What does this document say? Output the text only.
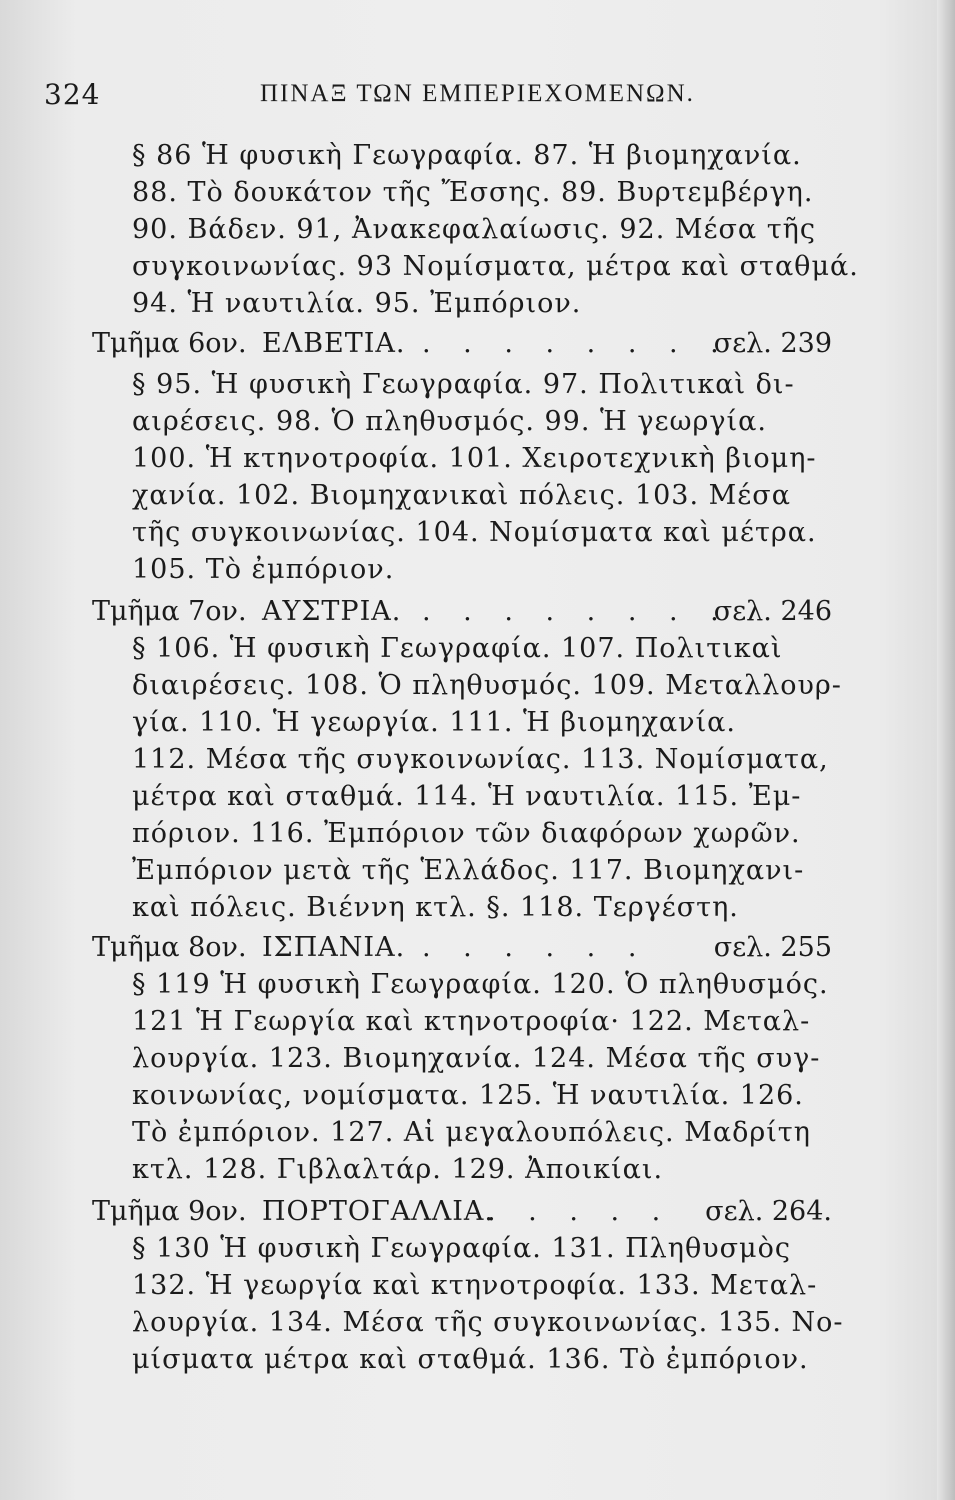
324	ΠΙΝΑΞ ΤΩΝ ΕΜΠΕΡΙΕΧΟΜΕΝΩΝ.
§ 86 Ἡ φυσικὴ Γεωγραφία. 87. Ἡ βιομηχανία.
88. Τὸ δουκάτον τῆς Ἔσσης. 89. Βυρτεμβέργη.
90. Βάδεν. 91, Ἀνακεφαλαίωσις. 92. Μέσα τῆς
συγκοινωνίας. 93 Νομίσματα, μέτρα καὶ σταθμά.
94. Ἡ ναυτιλία. 95. Ἐμπόριον.
Τμῆμα 6ον. ΕΛΒΕΤΙΑ. . . . . . . . .
σελ. 239
§ 95. Ἡ φυσικὴ Γεωγραφία. 97. Πολιτικαὶ δι-
αιρέσεις. 98. Ὁ πληθυσμός. 99. Ἡ γεωργία.
100. Ἡ κτηνοτροφία. 101. Χειροτεχνικὴ βιομη-
χανία. 102. Βιομηχανικαὶ πόλεις. 103. Μέσα
τῆς συγκοινωνίας. 104. Νομίσματα καὶ μέτρα.
105. Τὸ ἐμπόριον.
Τμῆμα 7ον. ΑΥΣΤΡΙΑ. . . . . . . . .
σελ. 246
§ 106. Ἡ φυσικὴ Γεωγραφία. 107. Πολιτικαὶ
διαιρέσεις. 108. Ὁ πληθυσμός. 109. Μεταλλουρ-
γία. 110. Ἡ γεωργία. 111. Ἡ βιομηχανία.
112. Μέσα τῆς συγκοινωνίας. 113. Νομίσματα,
μέτρα καὶ σταθμά. 114. Ἡ ναυτιλία. 115. Ἐμ-
πόριον. 116. Ἐμπόριον τῶν διαφόρων χωρῶν.
Ἐμπόριον μετὰ τῆς Ἑλλάδος. 117. Βιομηχανι-
καὶ πόλεις. Βιέννη κτλ. §. 118. Τεργέστη.
Τμῆμα 8ον. ΙΣΠΑΝΙΑ. . . . . . . σελ. 255
§ 119 Ἡ φυσικὴ Γεωγραφία. 120. Ὁ πληθυσμός.
121 Ἡ Γεωργία καὶ κτηνοτροφία· 122. Μεταλ-
λουργία. 123. Βιομηχανία. 124. Μέσα τῆς συγ-
κοινωνίας, νομίσματα. 125. Ἡ ναυτιλία. 126.
Τὸ ἐμπόριον. 127. Αἱ μεγαλουπόλεις. Μαδρίτη
κτλ. 128. Γιβλαλτάρ. 129. Ἀποικίαι.
Τμῆμα 9ον. ΠΟΡΤΟΓΑΛΛΙΑ.
. . . . . σελ. 264.
§ 130 Ἡ φυσικὴ Γεωγραφία. 131. Πληθυσμὸς
132. Ἡ γεωργία καὶ κτηνοτροφία. 133. Μεταλ-
λουργία. 134. Μέσα τῆς συγκοινωνίας. 135. Νο-
μίσματα μέτρα καὶ σταθμά. 136. Τὸ ἐμπόριον.
